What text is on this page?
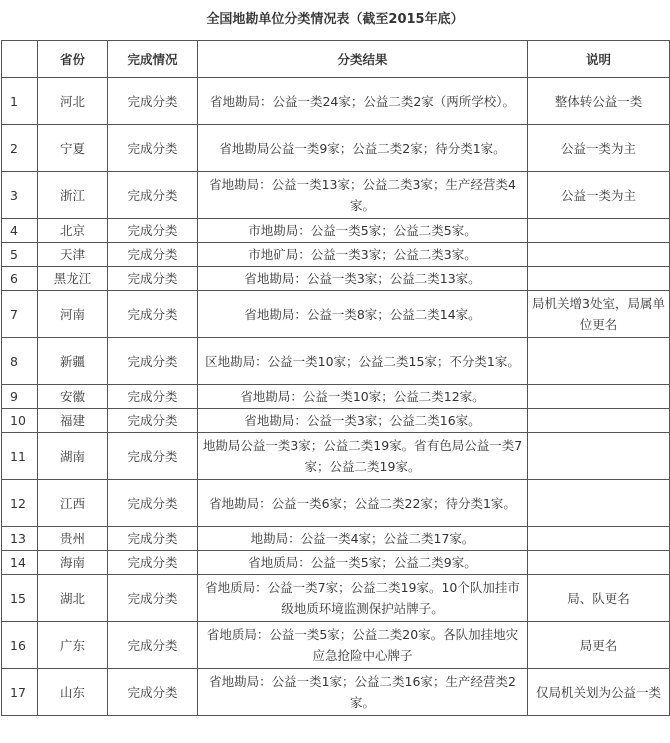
全国地勘单位分类情况表（截至2015年底）
	省份	完成情况	分类结果	说明
1	河北	完成分类	省地勘局：公益一类24家；公益二类2家（两所学校）。	整体转公益一类
2	宁夏	完成分类	省地勘局公益一类9家；公益二类2家；待分类1家。	公益一类为主
3	浙江	完成分类	省地勘局：公益一类13家；公益二类3家；生产经营类4家。	公益一类为主
4	北京	完成分类	市地勘局：公益一类5家；公益二类5家。	
5	天津	完成分类	市地矿局：公益一类3家；公益二类3家。	
6	黑龙江	完成分类	省地勘局：公益一类3家；公益二类13家。	
7	河南	完成分类	省地勘局：公益一类8家；公益二类14家。	局机关增3处室，局属单位更名
8	新疆	完成分类	区地勘局：公益一类10家；公益二类15家；不分类1家。	
9	安徽	完成分类	省地勘局：公益一类10家；公益二类12家。	
10	福建	完成分类	省地勘局：公益一类3家；公益二类16家。	
11	湖南	完成分类	地勘局公益一类3家；公益二类19家。省有色局公益一类7家；公益二类19家。	
12	江西	完成分类	省地勘局：公益一类6家；公益二类22家；待分类1家。	
13	贵州	完成分类	地勘局：公益一类4家；公益二类17家。	
14	海南	完成分类	省地质局：公益一类5家；公益二类9家。	
15	湖北	完成分类	省地质局：公益一类7家；公益二类19家。10个队加挂市级地质环境监测保护站牌子。	局、队更名
16	广东	完成分类	省地质局：公益一类5家；公益二类20家。各队加挂地灾应急抢险中心牌子	局更名
17	山东	完成分类	省地勘局：公益一类1家；公益二类16家；生产经营类2家。	仅局机关划为公益一类
